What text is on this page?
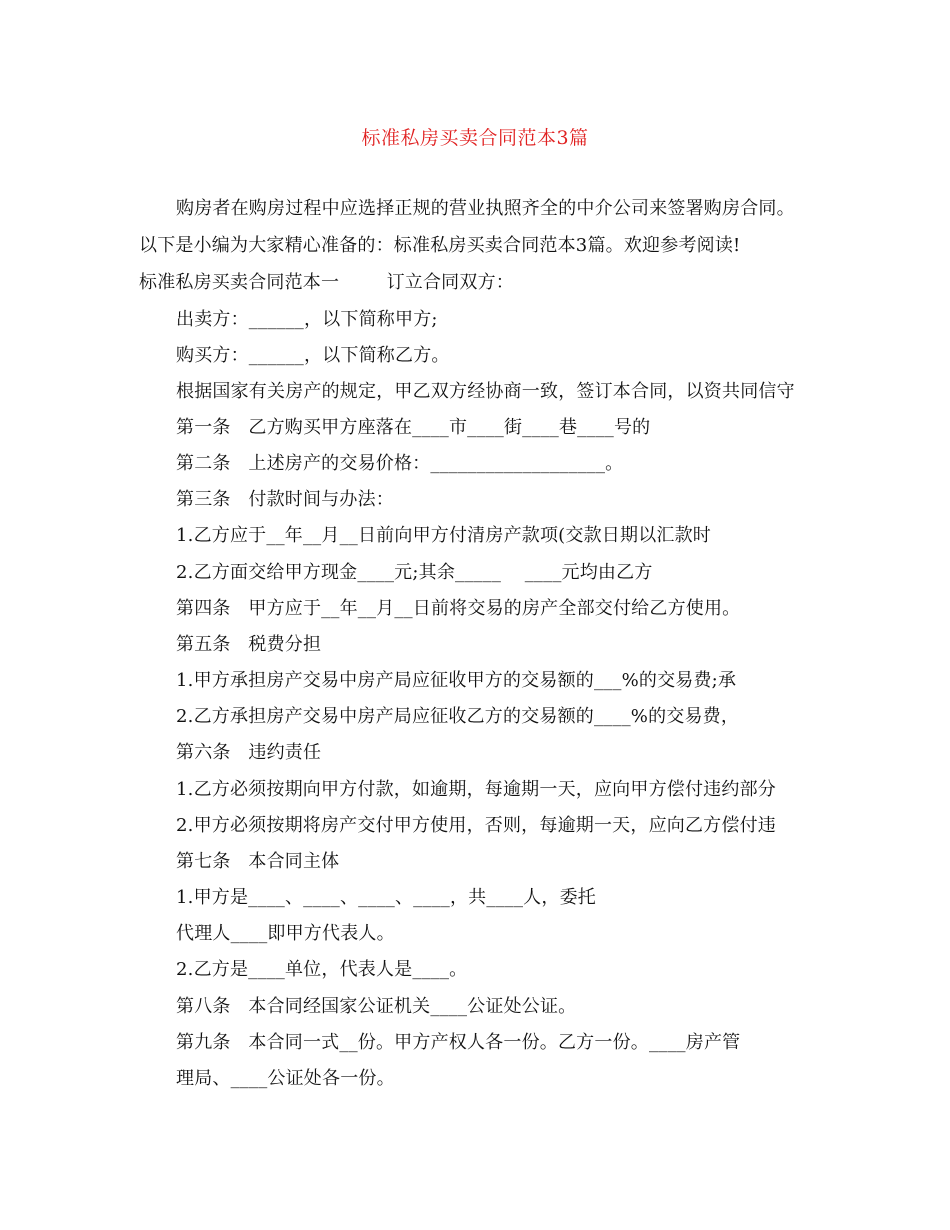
标准私房买卖合同范本3篇
购房者在购房过程中应选择正规的营业执照齐全的中介公司来签署购房合同。
以下是小编为大家精心准备的：标准私房买卖合同范本3篇。欢迎参考阅读!
标准私房买卖合同范本一        订立合同双方：
出卖方：______，以下简称甲方;
购买方：______，以下简称乙方。
根据国家有关房产的规定，甲乙双方经协商一致，签订本合同，以资共同信守
第一条   乙方购买甲方座落在____市____街____巷____号的
第二条   上述房产的交易价格：___________________。
第三条   付款时间与办法：
1.乙方应于__年__月__日前向甲方付清房产款项(交款日期以汇款时
2.乙方面交给甲方现金____元;其余_____    ____元均由乙方
第四条   甲方应于__年__月__日前将交易的房产全部交付给乙方使用。
第五条   税费分担
1.甲方承担房产交易中房产局应征收甲方的交易额的___%的交易费;承
2.乙方承担房产交易中房产局应征收乙方的交易额的____%的交易费，
第六条   违约责任
1.乙方必须按期向甲方付款，如逾期，每逾期一天，应向甲方偿付违约部分
2.甲方必须按期将房产交付甲方使用，否则，每逾期一天，应向乙方偿付违
第七条   本合同主体
1.甲方是____、____、____、____，共____人，委托
代理人____即甲方代表人。
2.乙方是____单位，代表人是____。
第八条   本合同经国家公证机关____公证处公证。
第九条   本合同一式__份。甲方产权人各一份。乙方一份。____房产管
理局、____公证处各一份。
